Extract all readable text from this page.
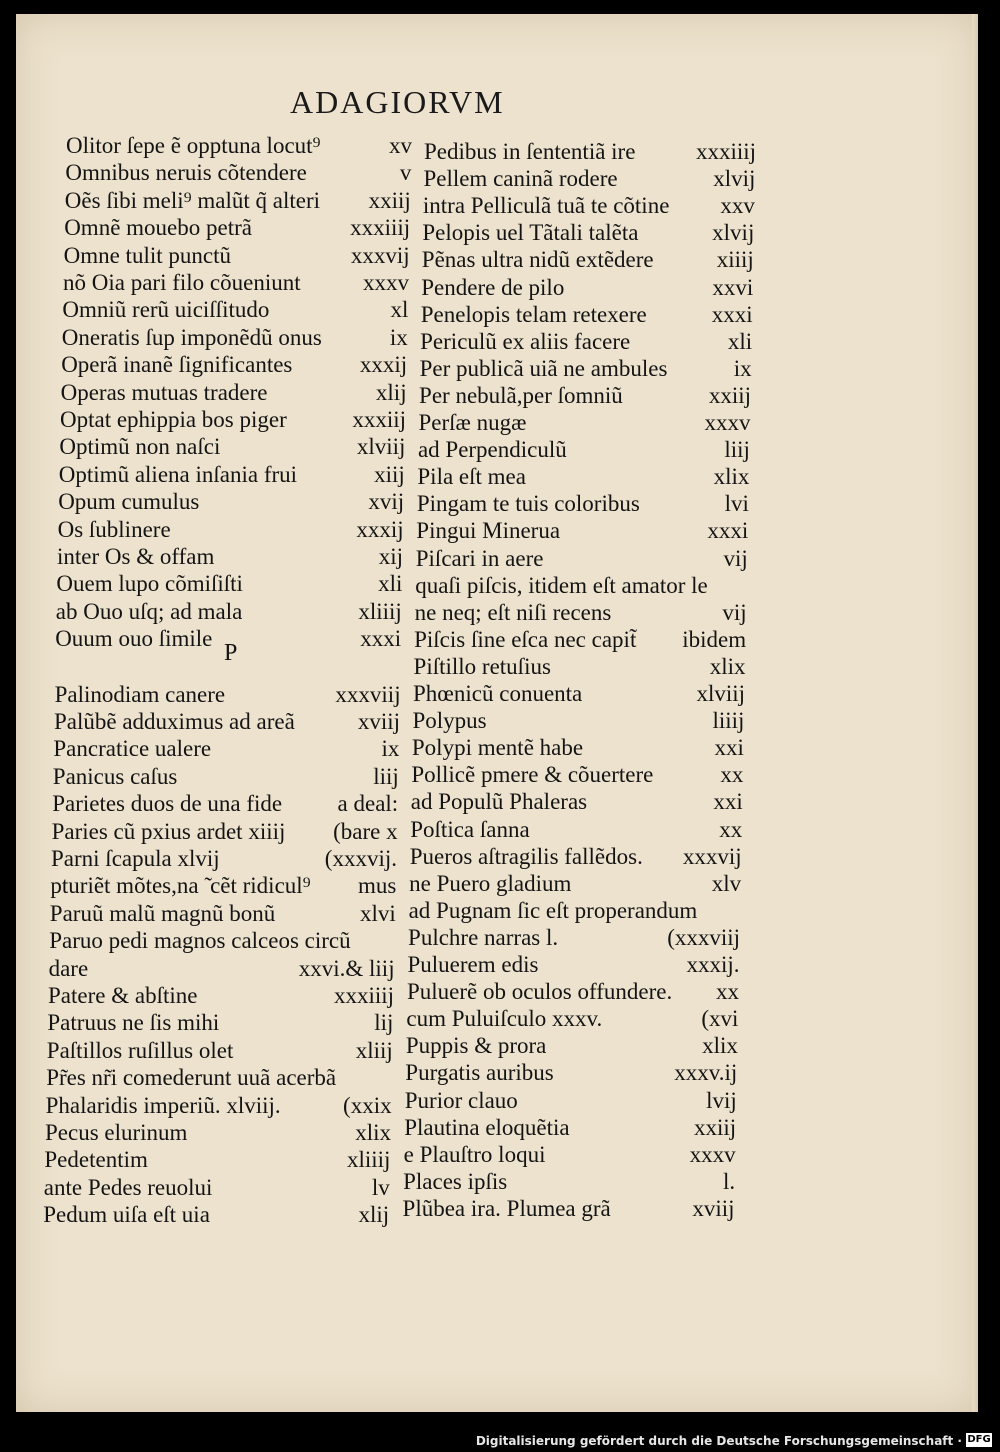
ADAGIORVM
Olitor ſepe ẽ opptuna locut⁹	xv
Omnibus neruis cõtendere	v
Oẽs ſibi meli⁹ malũt q̃ alteri xxiij
Omnẽ mouebo petrã	xxxiiij
Omne tulit punctũ	xxxvij
nõ Oia pari filo cõueniunt	xxxv
Omniũ rerũ uiciſſitudo	xl
Oneratis ſup imponẽdũ onus	ix
Operã inanẽ ſignificantes	xxxij
Operas mutuas tradere	xlij
Optat ephippia bos piger	xxxiij
Optimũ non naſci	xlviij
Optimũ aliena inſania frui	xiij
Opum cumulus	xvij
Os ſublinere	xxxij
inter Os & offam	xij
Ouem lupo cõmiſiſti	xli
ab Ouo uſq; ad mala	xliiij
Ouum ouo ſimile	xxxi
Palinodiam canere	xxxviij
Palũbẽ adduximus ad areã	xviij
Pancratice ualere	ix
Panicus caſus	liij
Parietes duos de una fide a deal:
Paries cũ pxius ardet xiiij (bare x
Parni ſcapula xlvij	(xxxvij.
pturiẽt mõtes,na ̃ cẽt ridicul⁹ mus
Paruũ malũ magnũ bonũ	xlvi
Paruo pedi magnos calceos circũ
dare	xxvi.& liij
Patere & abſtine	xxxiiij
Patruus ne ſis mihi	lij
Paſtillos ruſillus olet	xliij
Pr̃es nr̃i comederunt uuã acerbã
Phalaridis imperiũ. xlviij.	(xxix
Pecus elurinum	xlix
Pedetentim	xliiij
ante Pedes reuolui	lv
Pedum uiſa eſt uia	xlij
P
Pedibus in ſententiã ire	xxxiiij
Pellem caninã rodere	xlvij
intra Pelliculã tuã te cõtine xxv
Pelopis uel Tãtali talẽta	xlvij
Pẽnas ultra nidũ extẽdere	xiiij
Pendere de pilo	xxvi
Penelopis telam retexere	xxxi
Periculũ ex aliis facere	xli
Per publicã uiã ne ambules	ix
Per nebulã,per ſomniũ	xxiij
Perſæ nugæ	xxxv
ad Perpendiculũ	liij
Pila eſt mea	xlix
Pingam te tuis coloribus	lvi
Pingui Minerua	xxxi
Piſcari in aere	vij
quaſi piſcis, itidem eſt amator le
ne neq; eſt niſi recens	vij
Piſcis ſine eſca nec capit̃ ibidem
Piſtillo retuſius	xlix
Phœnicũ conuenta	xlviij
Polypus	liiij
Polypi mentẽ habe	xxi
Pollicẽ pmere & cõuertere	xx
ad Populũ Phaleras	xxi
Poſtica ſanna	xx
Pueros aſtragilis fallẽdos. xxxvij
ne Puero gladium	xlv
ad Pugnam ſic eſt properandum
Pulchre narras l.	(xxxviij
Puluerem edis	xxxij.
Puluerẽ ob oculos offundere. xx
cum Puluiſculo xxxv.	(xvi
Puppis & prora	xlix
Purgatis auribus	xxxv.ij
Purior clauo	lvij
Plautina eloquẽtia	xxiij
e Plauſtro loqui	xxxv
Places ipſis	l.
Plũbea ira. Plumea grã	xviij
Digitalisierung gefördert durch die Deutsche Forschungsgemeinschaft · DFG
